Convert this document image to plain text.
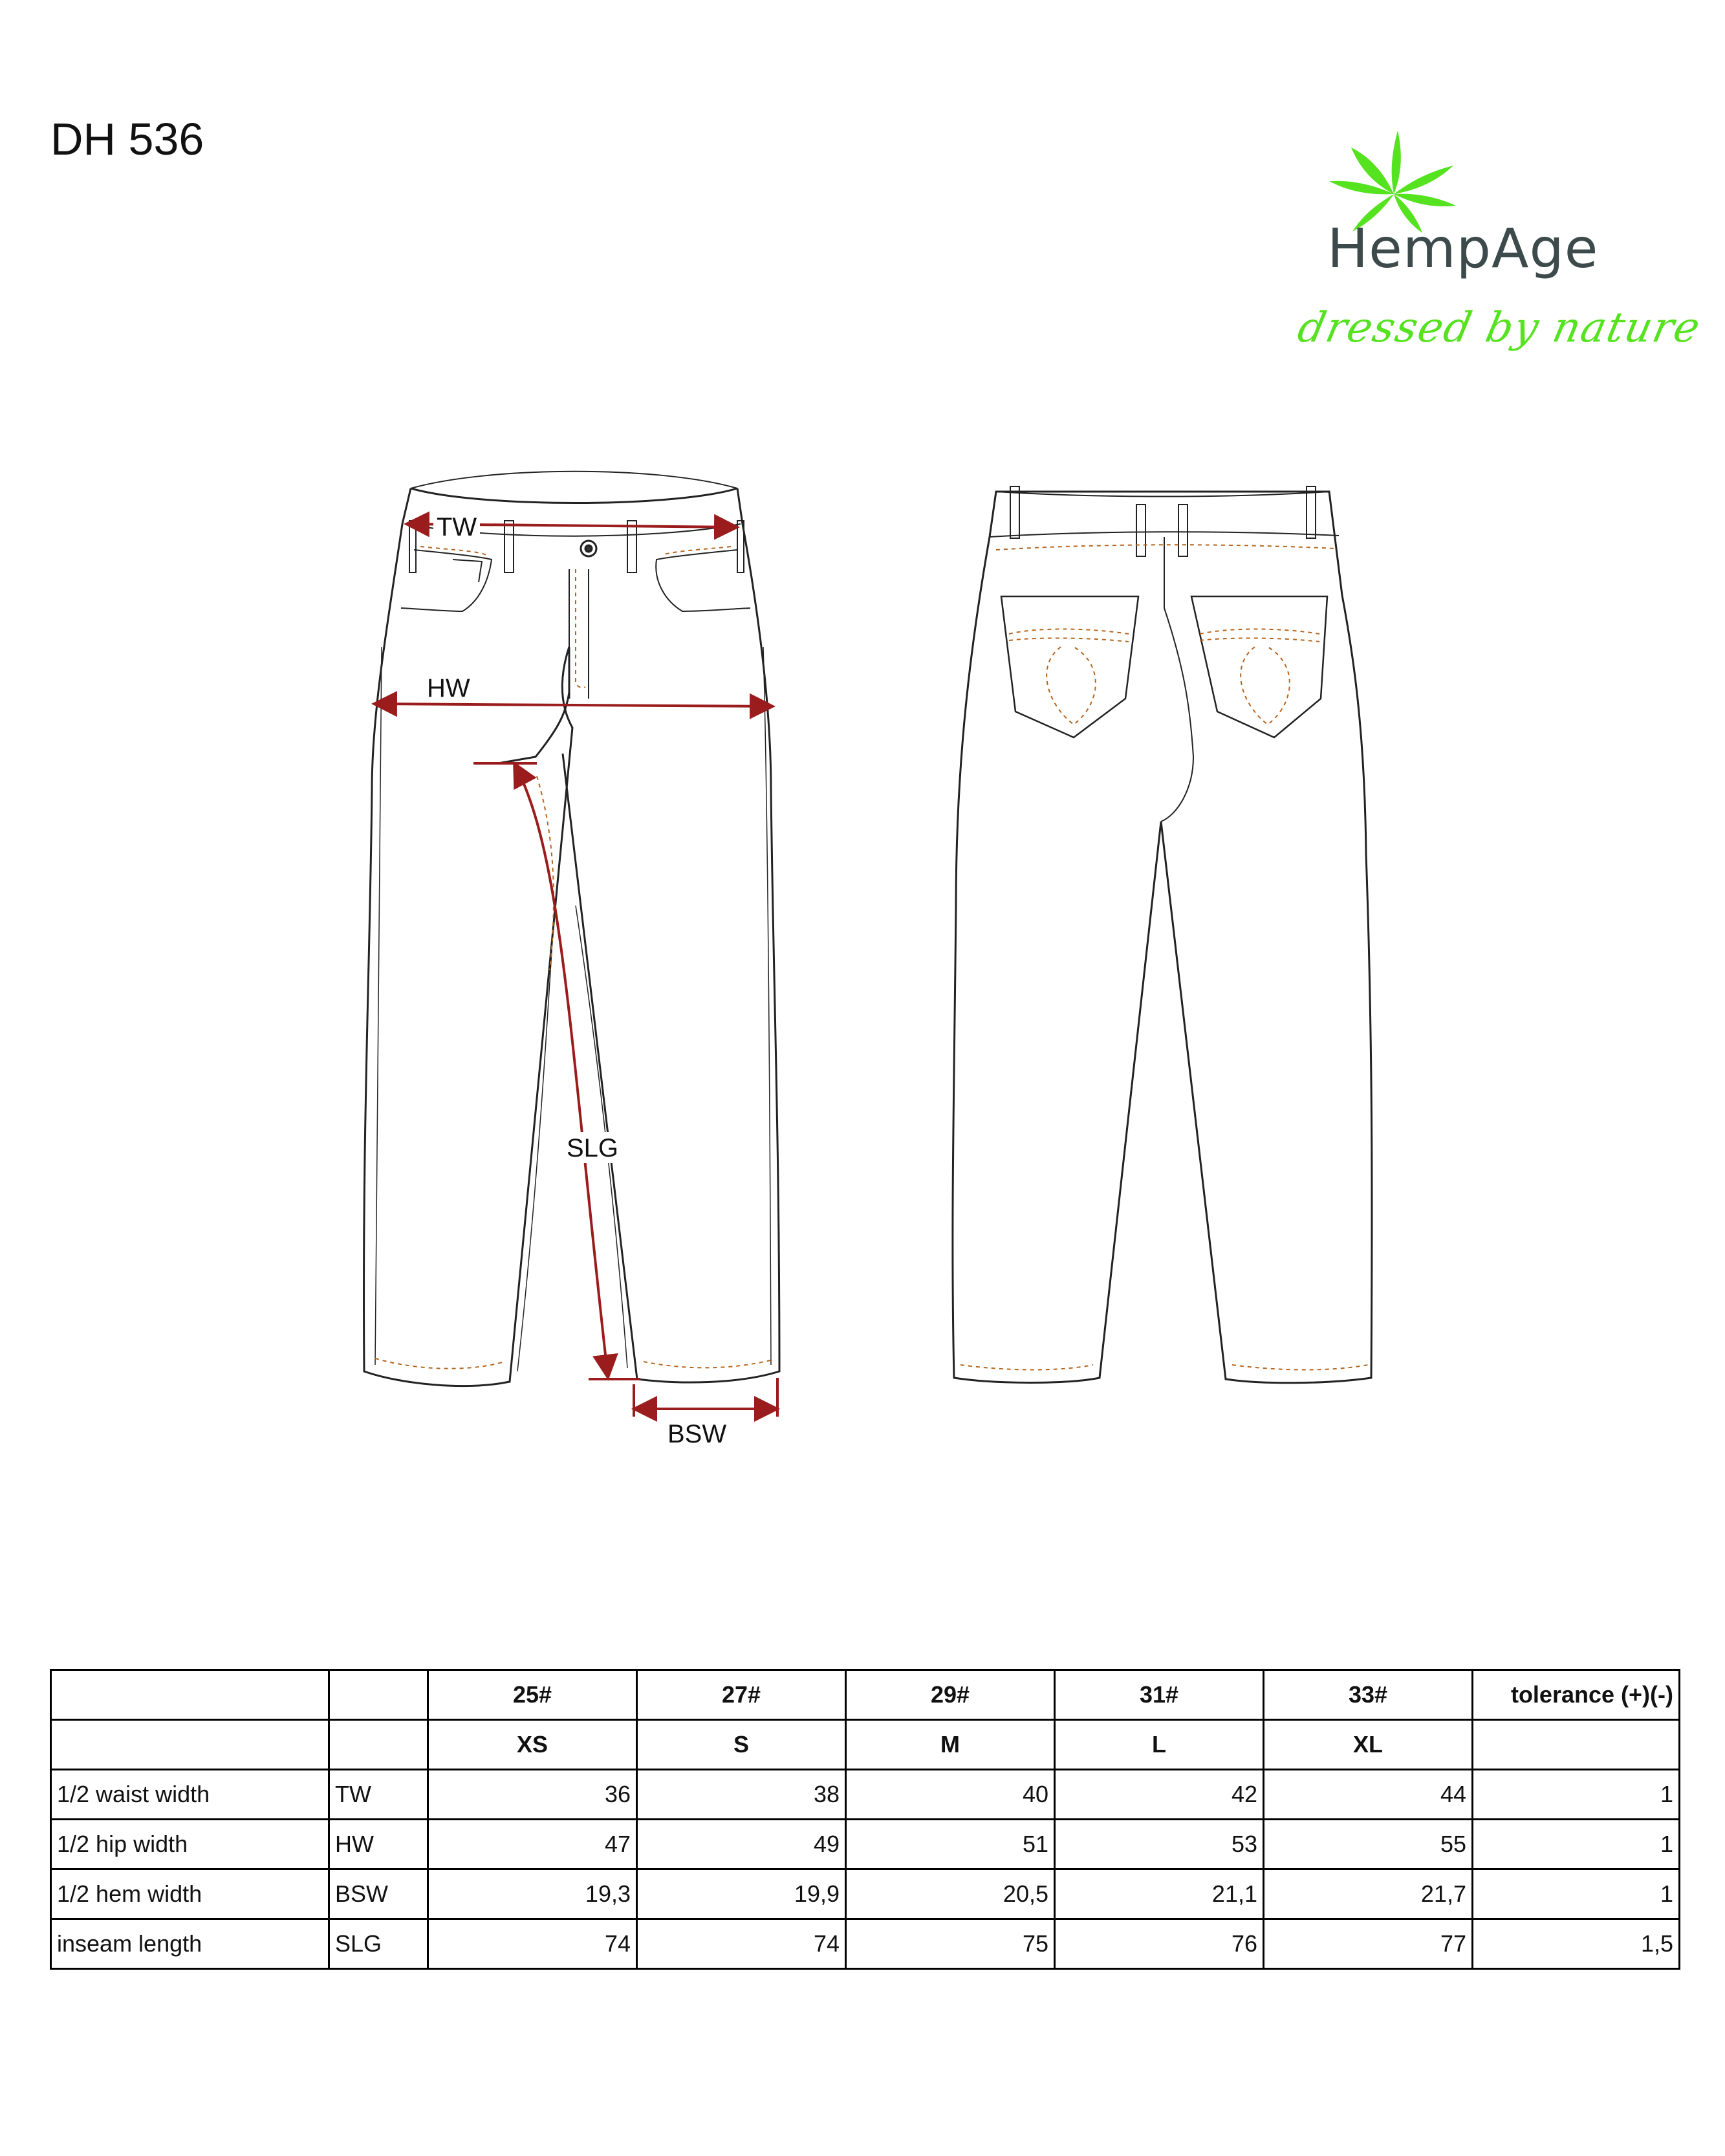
DH 536
HempAge
dressed by nature
TW
HW
SLG
BSW
		25#	27#	29#	31#	33#	tolerance (+)(-)
		XS	S	M	L	XL	
1/2 waist width	TW	36	38	40	42	44	1
1/2 hip width	HW	47	49	51	53	55	1
1/2 hem width	BSW	19,3	19,9	20,5	21,1	21,7	1
inseam length	SLG	74	74	75	76	77	1,5
